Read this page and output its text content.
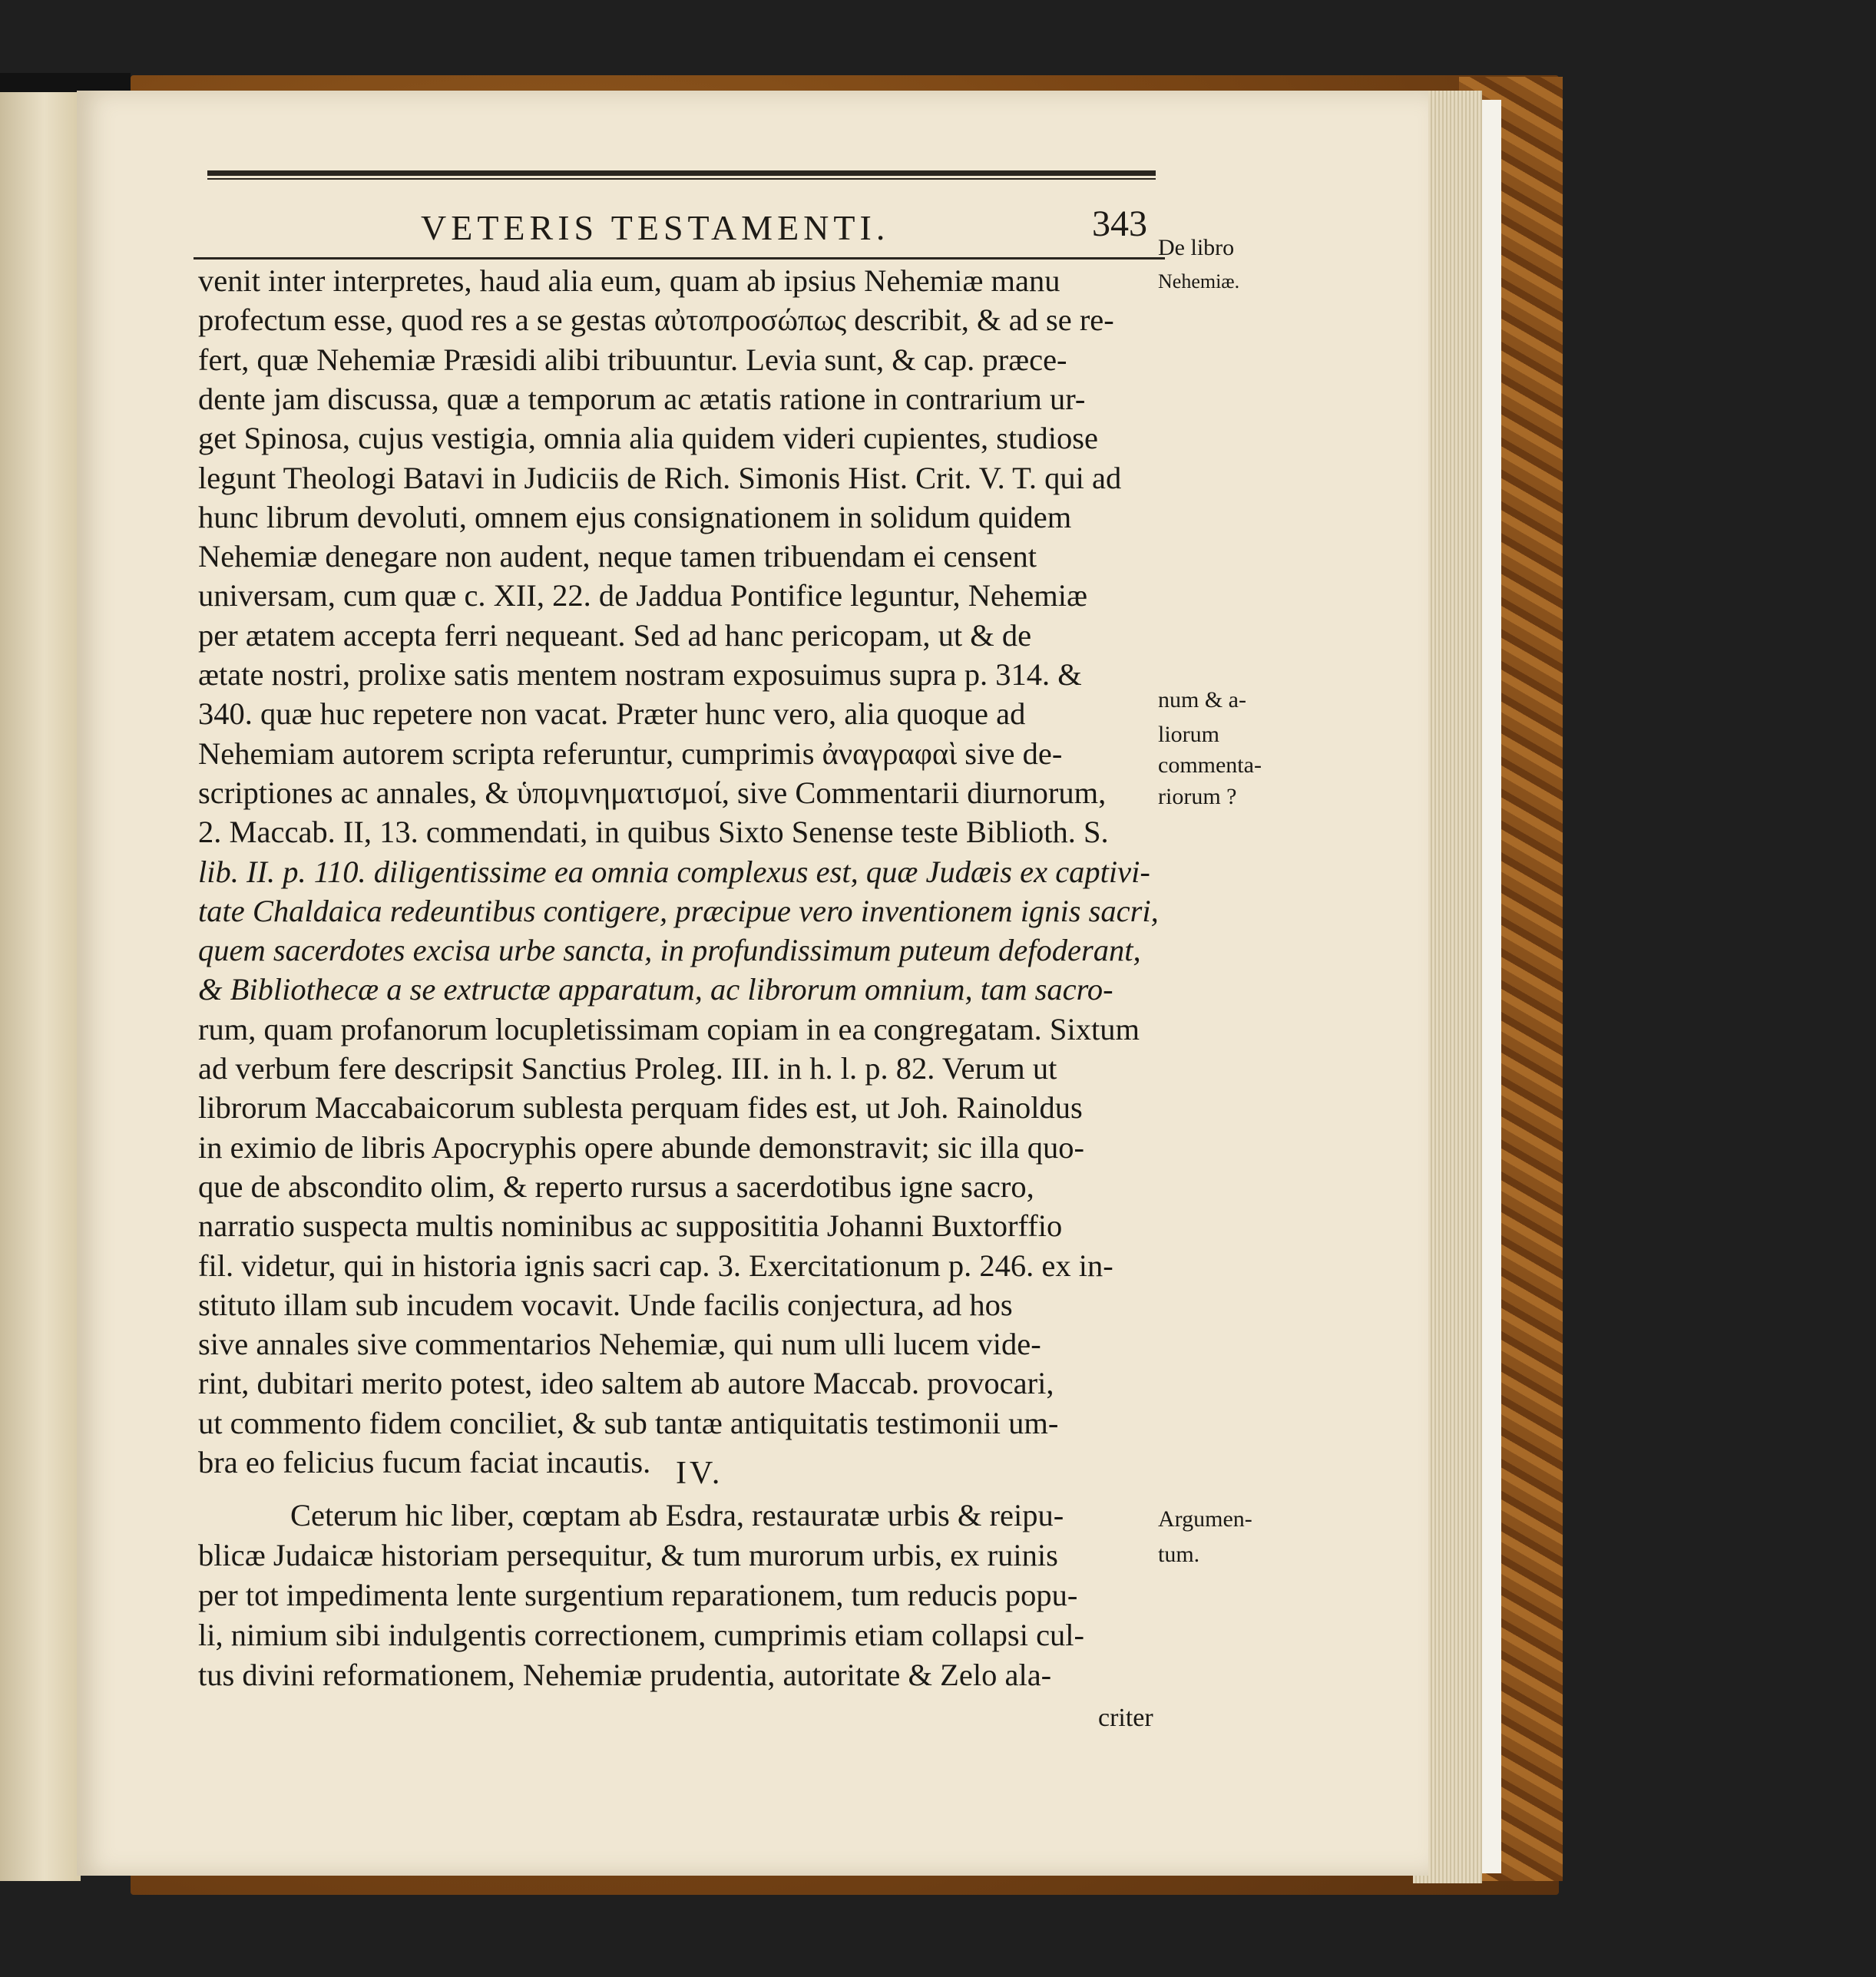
VETERIS TESTAMENTI.	343
venit inter interpretes, haud alia eum, quam ab ipsius Nehemiæ manu
profectum esse, quod res a se gestas αὐτοπροσώπως describit, & ad se re-
fert, quæ Nehemiæ Præsidi alibi tribuuntur. Levia sunt, & cap. præce-
dente jam discussa, quæ a temporum ac ætatis ratione in contrarium ur-
get Spinosa, cujus vestigia, omnia alia quidem videri cupientes, studiose
legunt Theologi Batavi in Judiciis de Rich. Simonis Hist. Crit. V. T. qui ad
hunc librum devoluti, omnem ejus consignationem in solidum quidem
Nehemiæ denegare non audent, neque tamen tribuendam ei censent
universam, cum quæ c. XII, 22. de Jaddua Pontifice leguntur, Nehemiæ
per ætatem accepta ferri nequeant. Sed ad hanc pericopam, ut & de
ætate nostri, prolixe satis mentem nostram exposuimus supra p. 314. &
340. quæ huc repetere non vacat. Præter hunc vero, alia quoque ad
Nehemiam autorem scripta referuntur, cumprimis ἀναγραφαὶ sive de-
scriptiones ac annales, & ὑπομνηματισμοί, sive Commentarii diurnorum,
2. Maccab. II, 13. commendati, in quibus Sixto Senense teste Biblioth. S.
lib. II. p. 110. diligentissime ea omnia complexus est, quæ Judæis ex captivi-
tate Chaldaica redeuntibus contigere, præcipue vero inventionem ignis sacri,
quem sacerdotes excisa urbe sancta, in profundissimum puteum defoderant,
& Bibliothecæ a se extructæ apparatum, ac librorum omnium, tam sacro-
rum, quam profanorum locupletissimam copiam in ea congregatam. Sixtum
ad verbum fere descripsit Sanctius Proleg. III. in h. l. p. 82. Verum ut
librorum Maccabaicorum sublesta perquam fides est, ut Joh. Rainoldus
in eximio de libris Apocryphis opere abunde demonstravit; sic illa quo-
que de abscondito olim, & reperto rursus a sacerdotibus igne sacro,
narratio suspecta multis nominibus ac supposititia Johanni Buxtorffio
fil. videtur, qui in historia ignis sacri cap. 3. Exercitationum p. 246. ex in-
stituto illam sub incudem vocavit. Unde facilis conjectura, ad hos
sive annales sive commentarios Nehemiæ, qui num ulli lucem vide-
rint, dubitari merito potest, ideo saltem ab autore Maccab. provocari,
ut commento fidem conciliet, & sub tantæ antiquitatis testimonii um-
bra eo felicius fucum faciat incautis.
Ceterum hic liber, cœptam ab Esdra, restauratæ urbis & reipu-
blicæ Judaicæ historiam persequitur, & tum murorum urbis, ex ruinis
per tot impedimenta lente surgentium reparationem, tum reducis popu-
li, nimium sibi indulgentis correctionem, cumprimis etiam collapsi cul-
tus divini reformationem, Nehemiæ prudentia, autoritate & Zelo ala-
criter
IV.
De libro
Nehemiæ.
num & a-
liorum
commenta-
riorum ?
Argumen-
tum.
